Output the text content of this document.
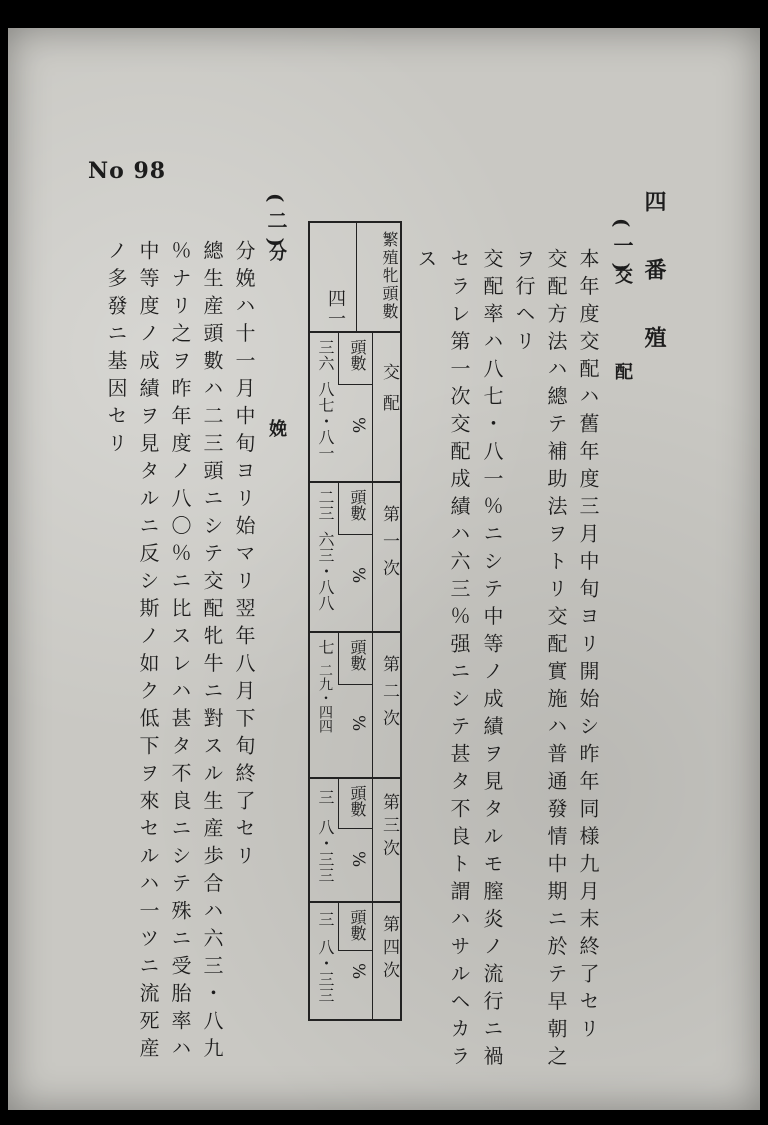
No 98
四　番　殖
(一)
交　配
本年度交配ハ舊年度三月中旬ヨリ開始シ昨年同様九月末終了セリ
交配方法ハ總テ補助法ヲトリ交配實施ハ普通發情中期ニ於テ早朝之
ヲ行ヘリ
交配率ハ八七・八一％ニシテ中等ノ成績ヲ見タルモ膣炎ノ流行ニ禍
セラレ第一次交配成績ハ六三％强ニシテ甚タ不良ト謂ハサルヘカラ
ス
繁殖牝頭數
四一
交配
頭數
%
三六
八七・八一
第一次
頭數
%
二三
六三・八八
第二次
頭數
%
七
二九・四四
第三次
頭數
%
三
八・三三
第四次
頭數
%
三
八・三三
(二)
分　娩
分娩ハ十一月中旬ヨリ始マリ翌年八月下旬終了セリ
總生産頭數ハ二三頭ニシテ交配牝牛ニ對スル生産歩合ハ六三・八九
％ナリ之ヲ昨年度ノ八〇％ニ比スレハ甚タ不良ニシテ殊ニ受胎率ハ
中等度ノ成績ヲ見タルニ反シ斯ノ如ク低下ヲ來セルハ一ツニ流死産
ノ多發ニ基因セリ
